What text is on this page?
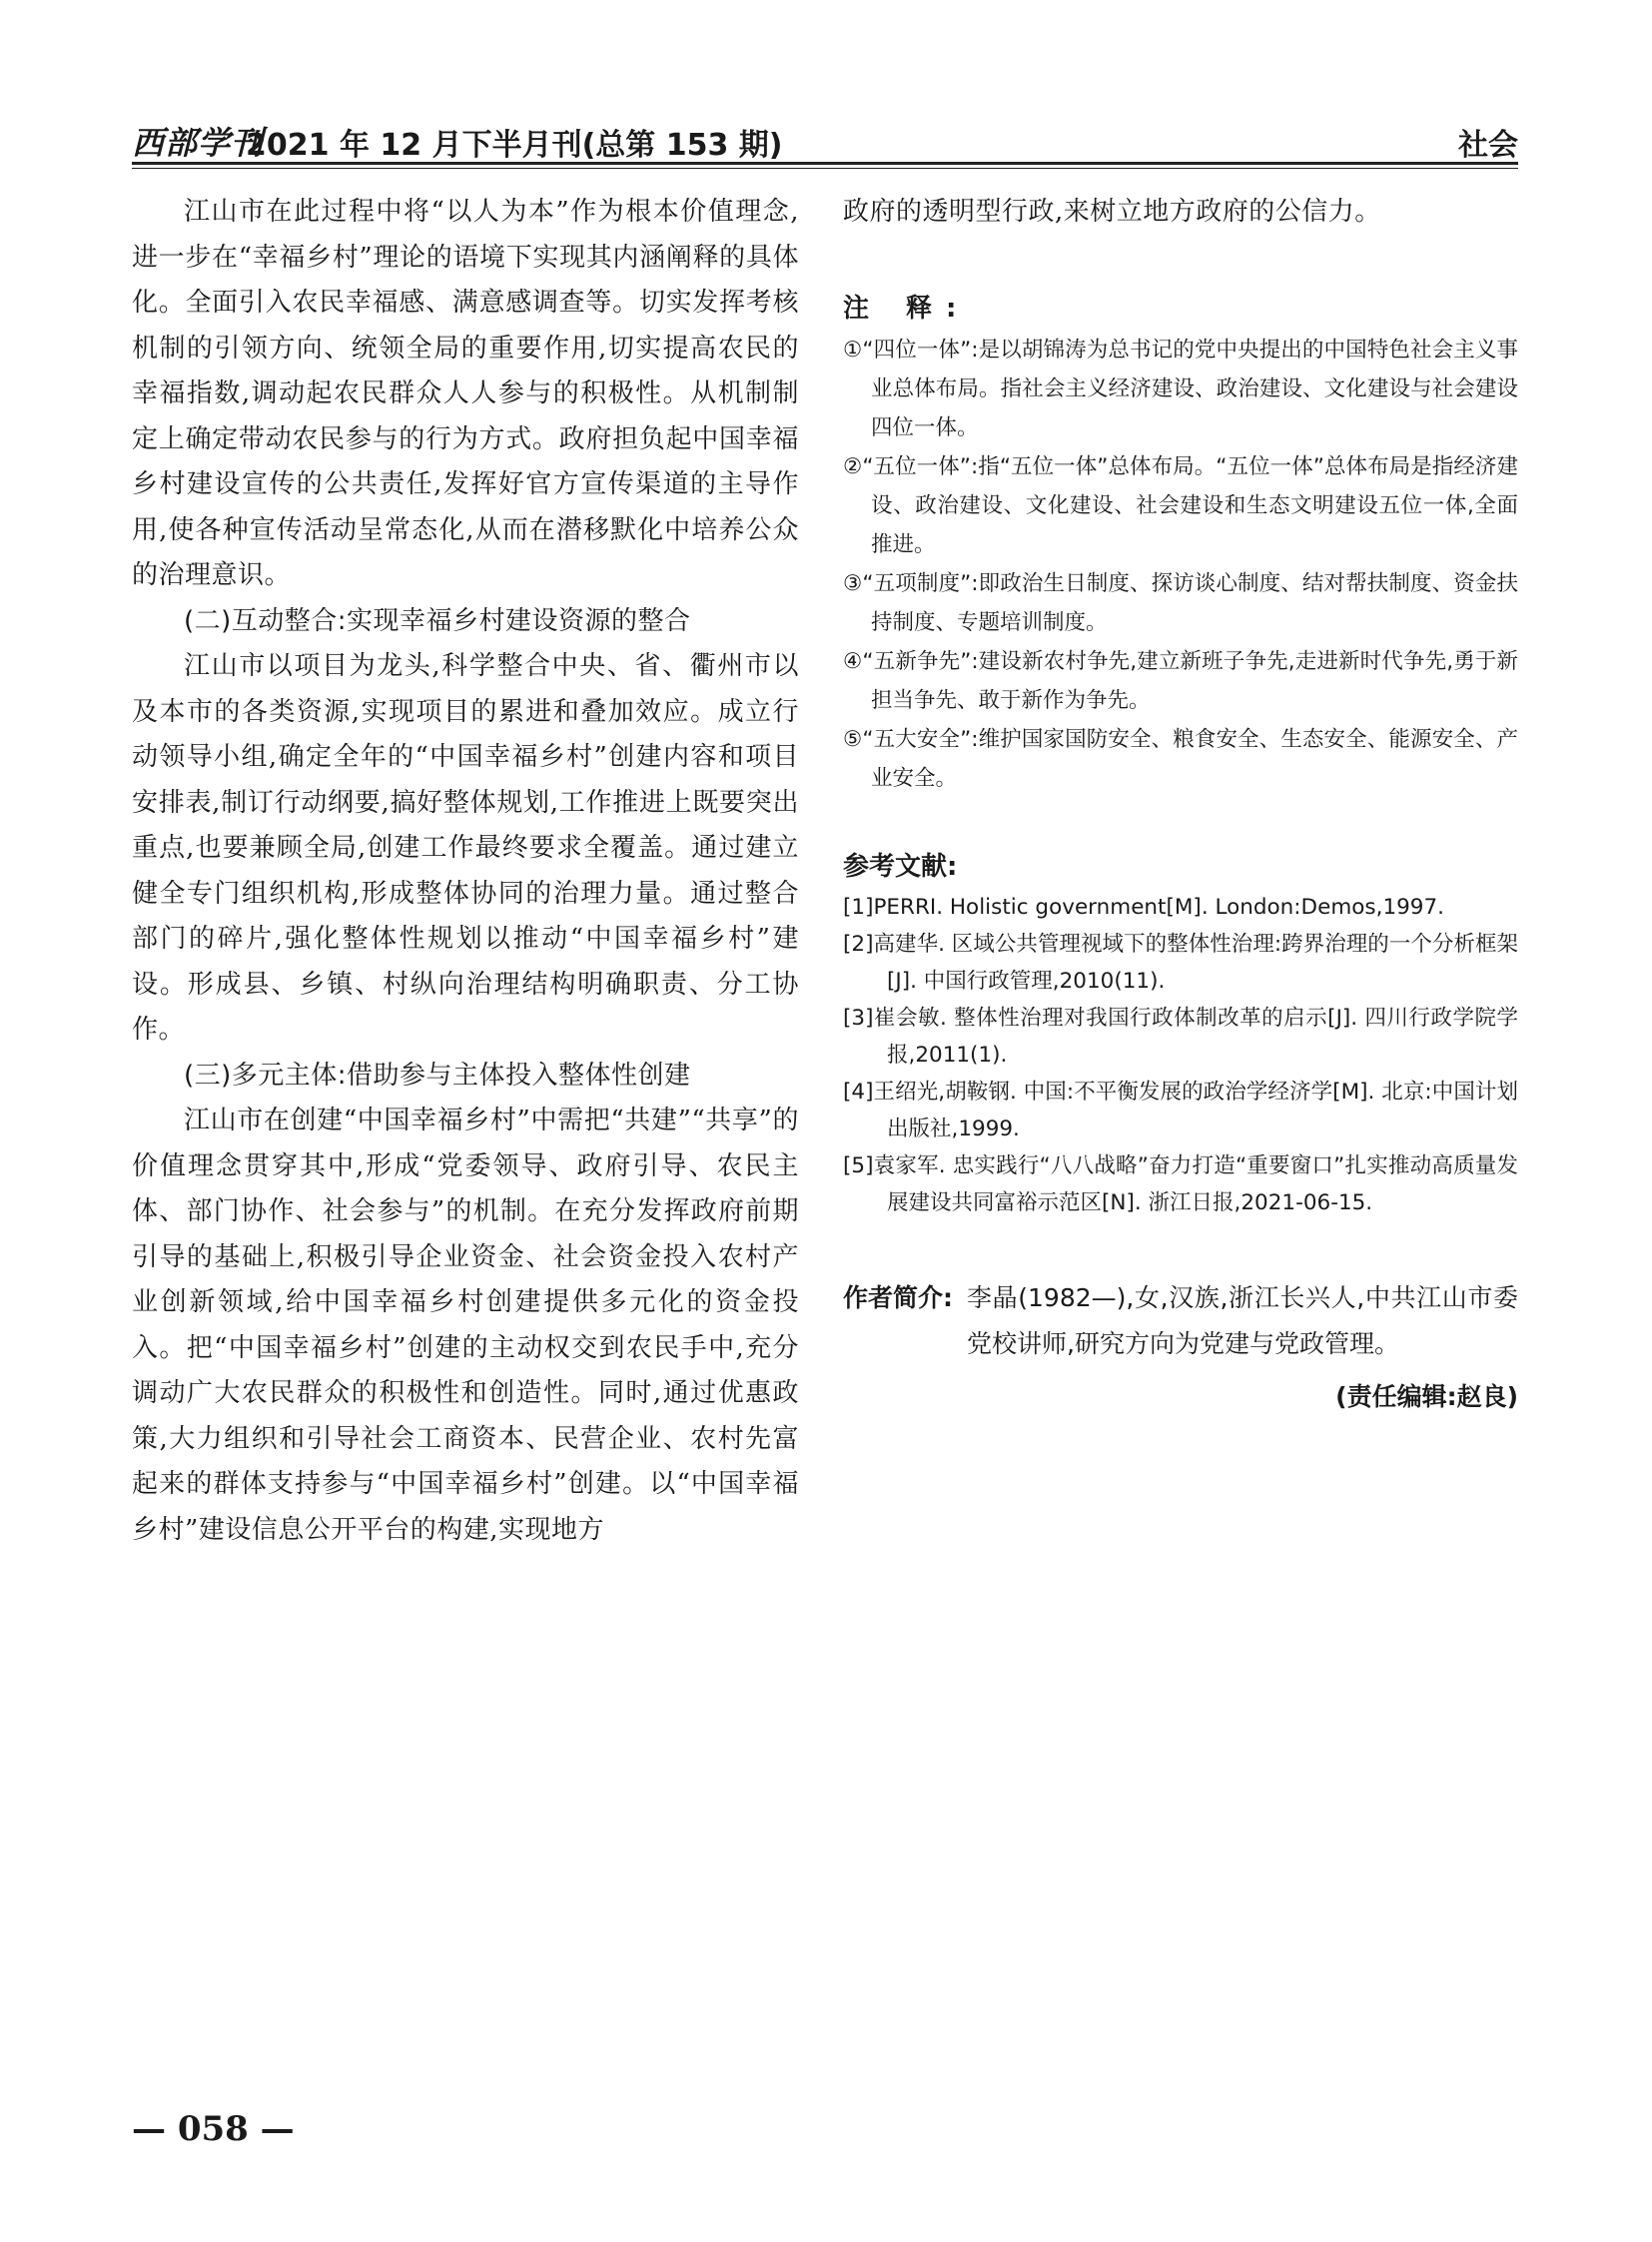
西部学刊
2021 年 12 月下半月刊(总第 153 期)	社会

江山市在此过程中将“以人为本”作为根本价值理念,进一步在“幸福乡村”理论的语境下实现其内涵阐释的具体化。全面引入农民幸福感、满意感调查等。切实发挥考核机制的引领方向、统领全局的重要作用,切实提高农民的幸福指数,调动起农民群众人人参与的积极性。从机制制定上确定带动农民参与的行为方式。政府担负起中国幸福乡村建设宣传的公共责任,发挥好官方宣传渠道的主导作用,使各种宣传活动呈常态化,从而在潜移默化中培养公众的治理意识。

(二)互动整合:实现幸福乡村建设资源的整合

江山市以项目为龙头,科学整合中央、省、衢州市以及本市的各类资源,实现项目的累进和叠加效应。成立行动领导小组,确定全年的“中国幸福乡村”创建内容和项目安排表,制订行动纲要,搞好整体规划,工作推进上既要突出重点,也要兼顾全局,创建工作最终要求全覆盖。通过建立健全专门组织机构,形成整体协同的治理力量。通过整合部门的碎片,强化整体性规划以推动“中国幸福乡村”建设。形成县、乡镇、村纵向治理结构明确职责、分工协作。

(三)多元主体:借助参与主体投入整体性创建

江山市在创建“中国幸福乡村”中需把“共建”“共享”的价值理念贯穿其中,形成“党委领导、政府引导、农民主体、部门协作、社会参与”的机制。在充分发挥政府前期引导的基础上,积极引导企业资金、社会资金投入农村产业创新领域,给中国幸福乡村创建提供多元化的资金投入。把“中国幸福乡村”创建的主动权交到农民手中,充分调动广大农民群众的积极性和创造性。同时,通过优惠政策,大力组织和引导社会工商资本、民营企业、农村先富起来的群体支持参与“中国幸福乡村”创建。以“中国幸福乡村”建设信息公开平台的构建,实现地方

政府的透明型行政,来树立地方政府的公信力。

注 释:

①“四位一体”:是以胡锦涛为总书记的党中央提出的中国特色社会主义事业总体布局。指社会主义经济建设、政治建设、文化建设与社会建设四位一体。

②“五位一体”:指“五位一体”总体布局。“五位一体”总体布局是指经济建设、政治建设、文化建设、社会建设和生态文明建设五位一体,全面推进。

③“五项制度”:即政治生日制度、探访谈心制度、结对帮扶制度、资金扶持制度、专题培训制度。

④“五新争先”:建设新农村争先,建立新班子争先,走进新时代争先,勇于新担当争先、敢于新作为争先。

⑤“五大安全”:维护国家国防安全、粮食安全、生态安全、能源安全、产业安全。

参考文献:

[1]PERRI. Holistic government[M]. London:Demos,1997.

[2]高建华. 区域公共管理视域下的整体性治理:跨界治理的一个分析框架[J]. 中国行政管理,2010(11).

[3]崔会敏. 整体性治理对我国行政体制改革的启示[J]. 四川行政学院学报,2011(1).

[4]王绍光,胡鞍钢. 中国:不平衡发展的政治学经济学[M]. 北京:中国计划出版社,1999.

[5]袁家军. 忠实践行“八八战略”奋力打造“重要窗口”扎实推动高质量发展建设共同富裕示范区[N]. 浙江日报,2021-06-15.

作者简介: 李晶(1982—),女,汉族,浙江长兴人,中共江山市委党校讲师,研究方向为党建与党政管理。
(责任编辑:赵良)
— 058 —
